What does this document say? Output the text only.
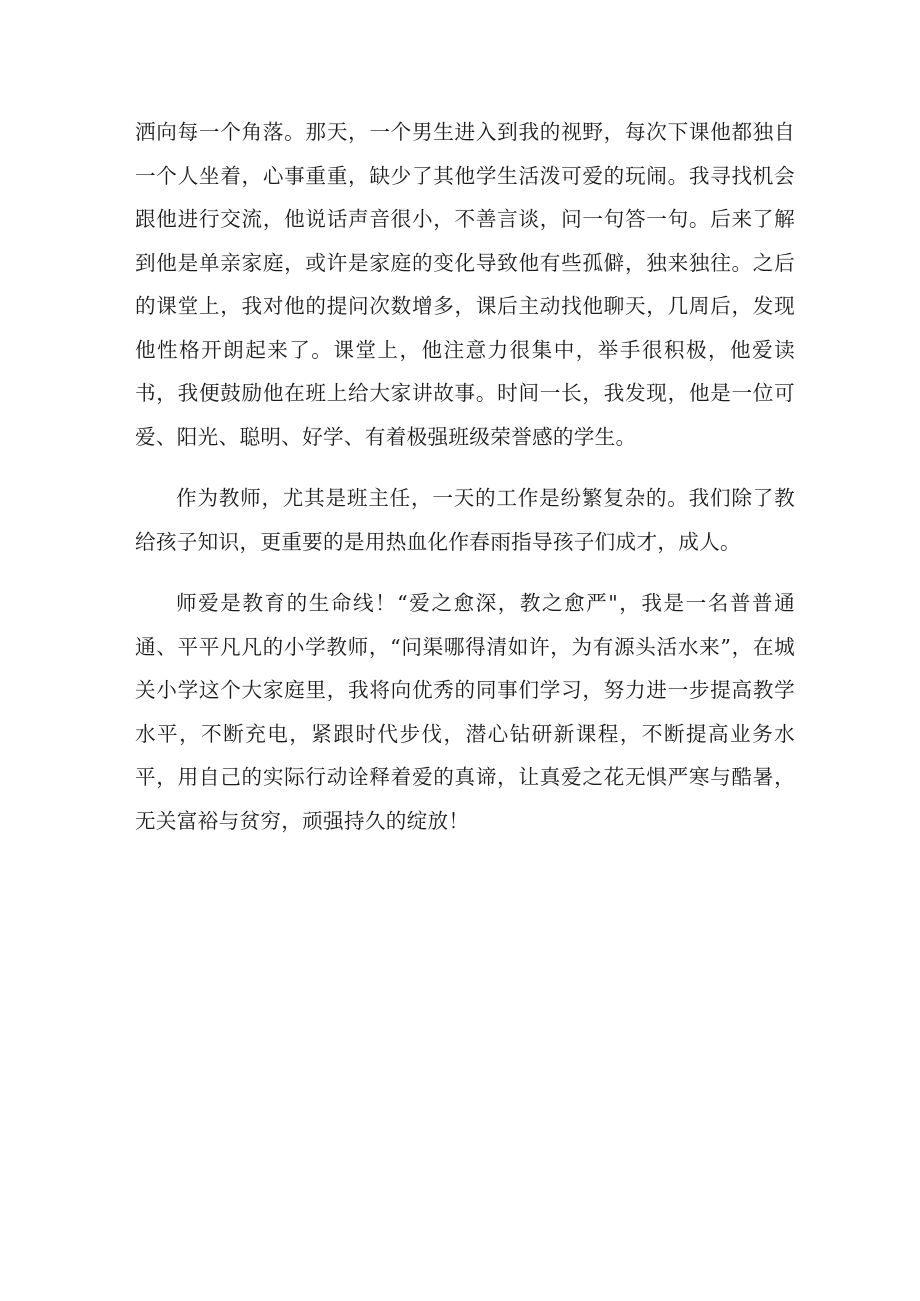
洒向每一个角落。那天，一个男生进入到我的视野，每次下课他都独自一个人坐着，心事重重，缺少了其他学生活泼可爱的玩闹。我寻找机会跟他进行交流，他说话声音很小，不善言谈，问一句答一句。后来了解到他是单亲家庭，或许是家庭的变化导致他有些孤僻，独来独往。之后的课堂上，我对他的提问次数增多，课后主动找他聊天，几周后，发现他性格开朗起来了。课堂上，他注意力很集中，举手很积极，他爱读书，我便鼓励他在班上给大家讲故事。时间一长，我发现，他是一位可爱、阳光、聪明、好学、有着极强班级荣誉感的学生。

作为教师，尤其是班主任，一天的工作是纷繁复杂的。我们除了教给孩子知识，更重要的是用热血化作春雨指导孩子们成才，成人。

师爱是教育的生命线！“爱之愈深，教之愈严"，我是一名普普通通、平平凡凡的小学教师，“问渠哪得清如许，为有源头活水来”，在城关小学这个大家庭里，我将向优秀的同事们学习，努力进一步提高教学水平，不断充电，紧跟时代步伐，潜心钻研新课程，不断提高业务水平，用自己的实际行动诠释着爱的真谛，让真爱之花无惧严寒与酷暑，无关富裕与贫穷，顽强持久的绽放！
